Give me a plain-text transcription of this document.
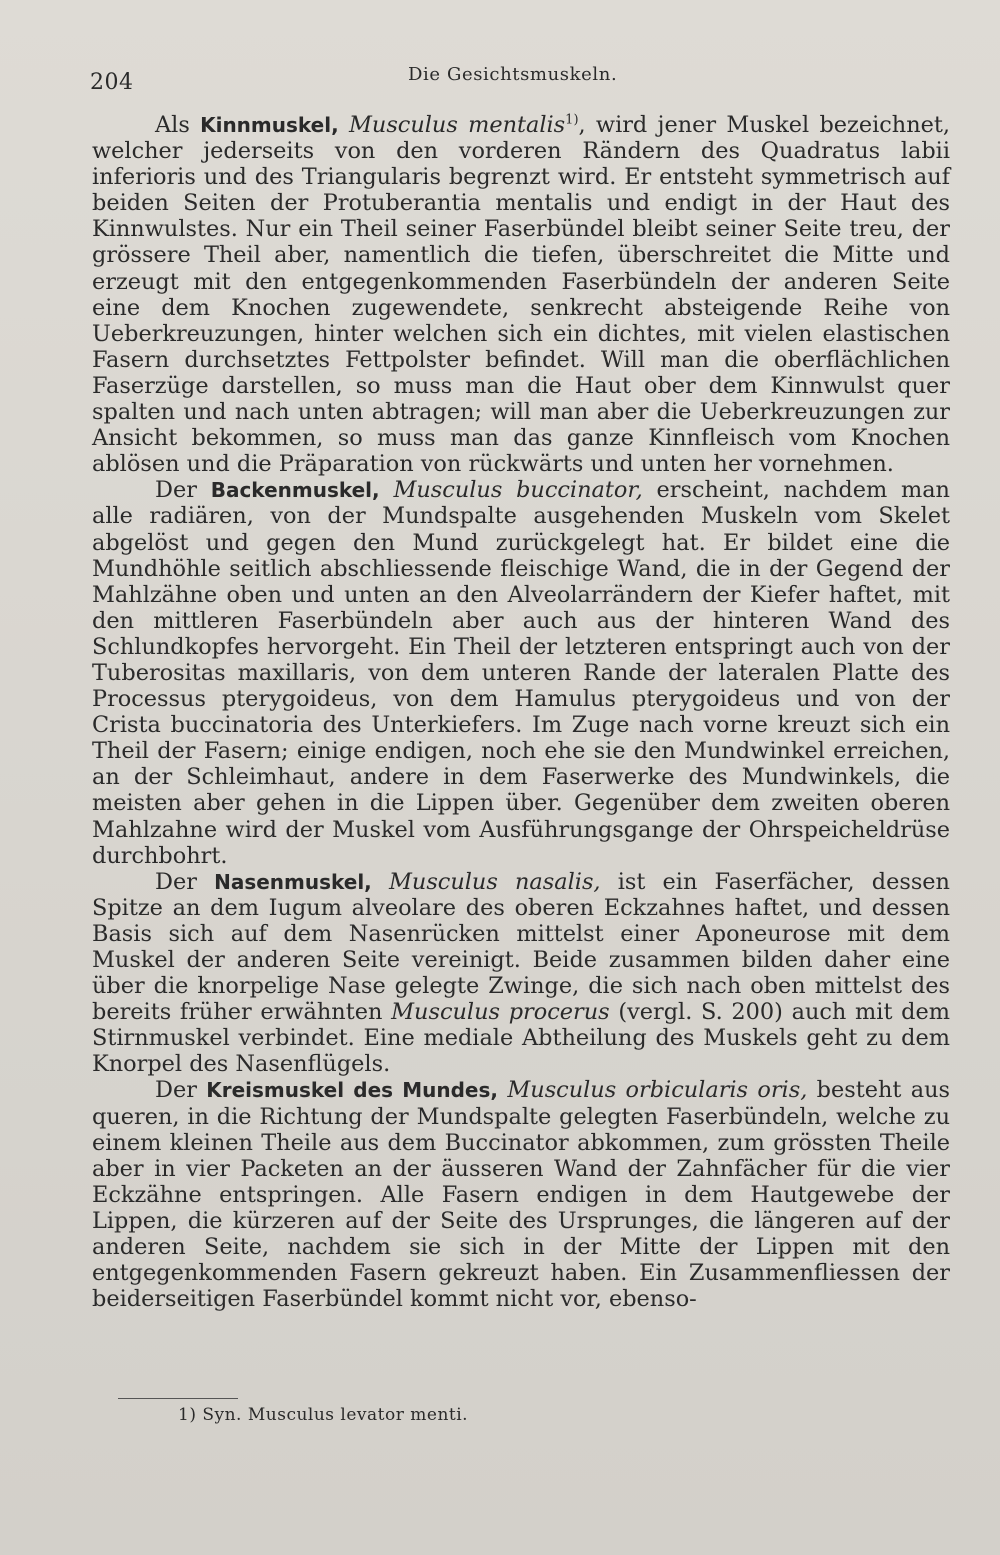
204	Die Gesichtsmuskeln.

Als Kinnmuskel, Musculus mentalis$^{1)}$, wird jener Muskel bezeichnet, welcher jederseits von den vorderen Rändern des Quadratus labii inferioris und des Triangularis begrenzt wird. Er entsteht symmetrisch auf beiden Seiten der Protuberantia mentalis und endigt in der Haut des Kinnwulstes. Nur ein Theil seiner Faserbündel bleibt seiner Seite treu, der grössere Theil aber, namentlich die tiefen, überschreitet die Mitte und erzeugt mit den entgegenkommenden Faserbündeln der anderen Seite eine dem Knochen zugewendete, senkrecht absteigende Reihe von Ueberkreuzungen, hinter welchen sich ein dichtes, mit vielen elastischen Fasern durchsetztes Fettpolster befindet. Will man die oberflächlichen Faserzüge darstellen, so muss man die Haut ober dem Kinnwulst quer spalten und nach unten abtragen; will man aber die Ueberkreuzungen zur Ansicht bekommen, so muss man das ganze Kinnfleisch vom Knochen ablösen und die Präparation von rückwärts und unten her vornehmen.

Der Backenmuskel, Musculus buccinator, erscheint, nachdem man alle radiären, von der Mundspalte ausgehenden Muskeln vom Skelet abgelöst und gegen den Mund zurückgelegt hat. Er bildet eine die Mundhöhle seitlich abschliessende fleischige Wand, die in der Gegend der Mahlzähne oben und unten an den Alveolarrändern der Kiefer haftet, mit den mittleren Faserbündeln aber auch aus der hinteren Wand des Schlundkopfes hervorgeht. Ein Theil der letzteren entspringt auch von der Tuberositas maxillaris, von dem unteren Rande der lateralen Platte des Processus pterygoideus, von dem Hamulus pterygoideus und von der Crista buccinatoria des Unterkiefers. Im Zuge nach vorne kreuzt sich ein Theil der Fasern; einige endigen, noch ehe sie den Mundwinkel erreichen, an der Schleimhaut, andere in dem Faserwerke des Mundwinkels, die meisten aber gehen in die Lippen über. Gegenüber dem zweiten oberen Mahlzahne wird der Muskel vom Ausführungsgange der Ohrspeicheldrüse durchbohrt.

Der Nasenmuskel, Musculus nasalis, ist ein Faserfächer, dessen Spitze an dem Iugum alveolare des oberen Eckzahnes haftet, und dessen Basis sich auf dem Nasenrücken mittelst einer Aponeurose mit dem Muskel der anderen Seite vereinigt. Beide zusammen bilden daher eine über die knorpelige Nase gelegte Zwinge, die sich nach oben mittelst des bereits früher erwähnten Musculus procerus (vergl. S. 200) auch mit dem Stirnmuskel verbindet. Eine mediale Abtheilung des Muskels geht zu dem Knorpel des Nasenflügels.

Der Kreismuskel des Mundes, Musculus orbicularis oris, besteht aus queren, in die Richtung der Mundspalte gelegten Faserbündeln, welche zu einem kleinen Theile aus dem Buccinator abkommen, zum grössten Theile aber in vier Packeten an der äusseren Wand der Zahnfächer für die vier Eckzähne entspringen. Alle Fasern endigen in dem Hautgewebe der Lippen, die kürzeren auf der Seite des Ursprunges, die längeren auf der anderen Seite, nachdem sie sich in der Mitte der Lippen mit den entgegenkommenden Fasern gekreuzt haben. Ein Zusammenfliessen der beiderseitigen Faserbündel kommt nicht vor, ebenso-

1) Syn. Musculus levator menti.
